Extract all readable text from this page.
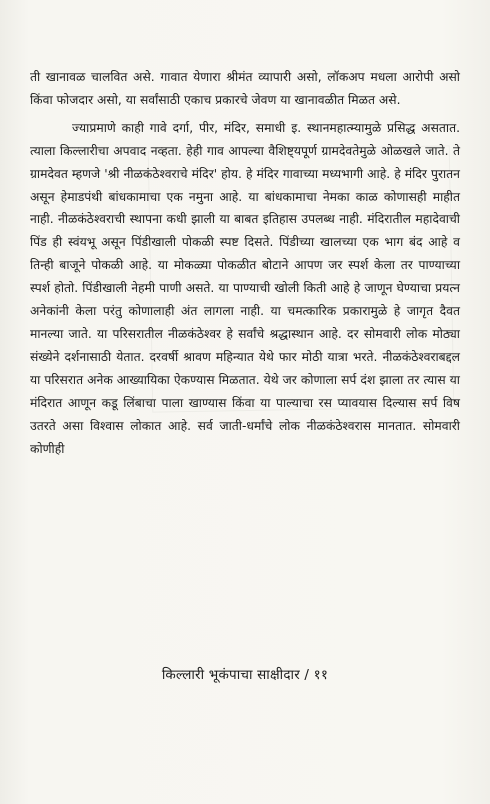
ती खानावळ चालवित असे. गावात येणारा श्रीमंत व्यापारी असो, लॉकअप मधला आरोपी असो किंवा फोजदार असो, या सर्वांसाठी एकाच प्रकारचे जेवण या खानावळीत मिळत असे.

ज्याप्रमाणे काही गावे दर्गा, पीर, मंदिर, समाधी इ. स्थानमहात्म्यामुळे प्रसिद्ध असतात. त्याला किल्लारीचा अपवाद नव्हता. हेही गाव आपल्या वैशिष्ट्यपूर्ण ग्रामदेवतेमुळे ओळखले जाते. ते ग्रामदेवत म्हणजे 'श्री नीळकंठेश्वराचे मंदिर' होय. हे मंदिर गावाच्या मध्यभागी आहे. हे मंदिर पुरातन असून हेमाडपंथी बांधकामाचा एक नमुना आहे. या बांधकामाचा नेमका काळ कोणासही माहीत नाही. नीळकंठेश्वराची स्थापना कधी झाली या बाबत इतिहास उपलब्ध नाही. मंदिरातील महादेवाची पिंड ही स्वंयभू असून पिंडीखाली पोकळी स्पष्ट दिसते. पिंडीच्या खालच्या एक भाग बंद आहे व तिन्ही बाजूने पोकळी आहे. या मोकळ्या पोकळीत बोटाने आपण जर स्पर्श केला तर पाण्याच्या स्पर्श होतो. पिंडीखाली नेहमी पाणी असते. या पाण्याची खोली किती आहे हे जाणून घेण्याचा प्रयत्न अनेकांनी केला परंतु कोणालाही अंत लागला नाही. या चमत्कारिक प्रकारामुळे हे जागृत दैवत मानल्या जाते. या परिसरातील नीळकंठेश्वर हे सर्वांचे श्रद्धास्थान आहे. दर सोमवारी लोक मोठ्या संख्येने दर्शनासाठी येतात. दरवर्षी श्रावण महिन्यात येथे फार मोठी यात्रा भरते. नीळकंठेश्वराबद्दल या परिसरात अनेक आख्यायिका ऐकण्यास मिळतात. येथे जर कोणाला सर्प दंश झाला तर त्यास या मंदिरात आणून कडू लिंबाचा पाला खाण्यास किंवा या पाल्याचा रस प्यावयास दिल्यास सर्प विष उतरते असा विश्वास लोकात आहे. सर्व जाती-धर्मांचे लोक नीळकंठेश्वरास मानतात. सोमवारी कोणीही

किल्लारी भूकंपाचा साक्षीदार / ११
